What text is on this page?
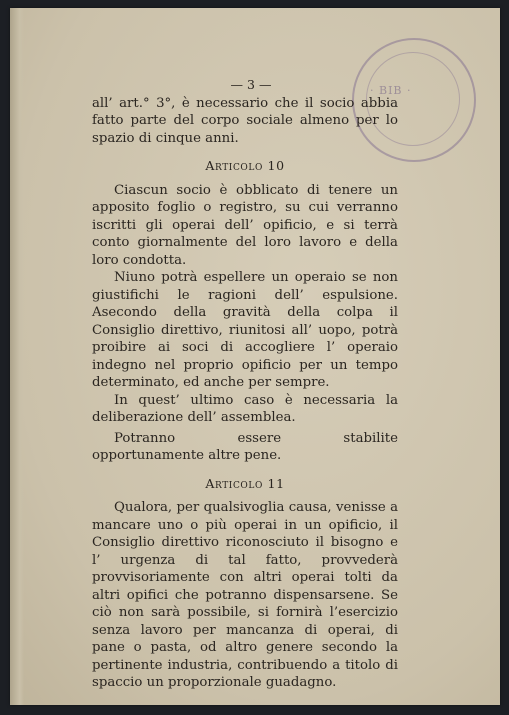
· BIB ·
— 3 —

all’ art.° 3°, è necessario che il socio abbia fatto parte del corpo sociale almeno per lo spazio di cinque anni.

Articolo 10

Ciascun socio è obblicato di tenere un apposito foglio o registro, su cui verranno iscritti gli operai dell’ opificio, e si terrà conto giornalmente del loro lavoro e della loro condotta.

Niuno potrà espellere un operaio se non giustifichi le ragioni dell’ espulsione. Asecondo della gravità della colpa il Consiglio direttivo, riunitosi all’ uopo, potrà proibire ai soci di accogliere l’ operaio indegno nel proprio opificio per un tempo determinato, ed anche per sempre.

In quest’ ultimo caso è necessaria la deliberazione dell’ assemblea.

Potranno essere stabilite opportunamente altre pene.

Articolo 11

Qualora, per qualsivoglia causa, venisse a mancare uno o più operai in un opificio, il Consiglio direttivo riconosciuto il bisogno e l’ urgenza di tal fatto, provvederà provvisoriamente con altri operai tolti da altri opifici che potranno dispensarsene. Se ciò non sarà possibile, si fornirà l’esercizio senza lavoro per mancanza di operai, di pane o pasta, od altro genere secondo la pertinente industria, contribuendo a titolo di spaccio un proporzionale guadagno.
